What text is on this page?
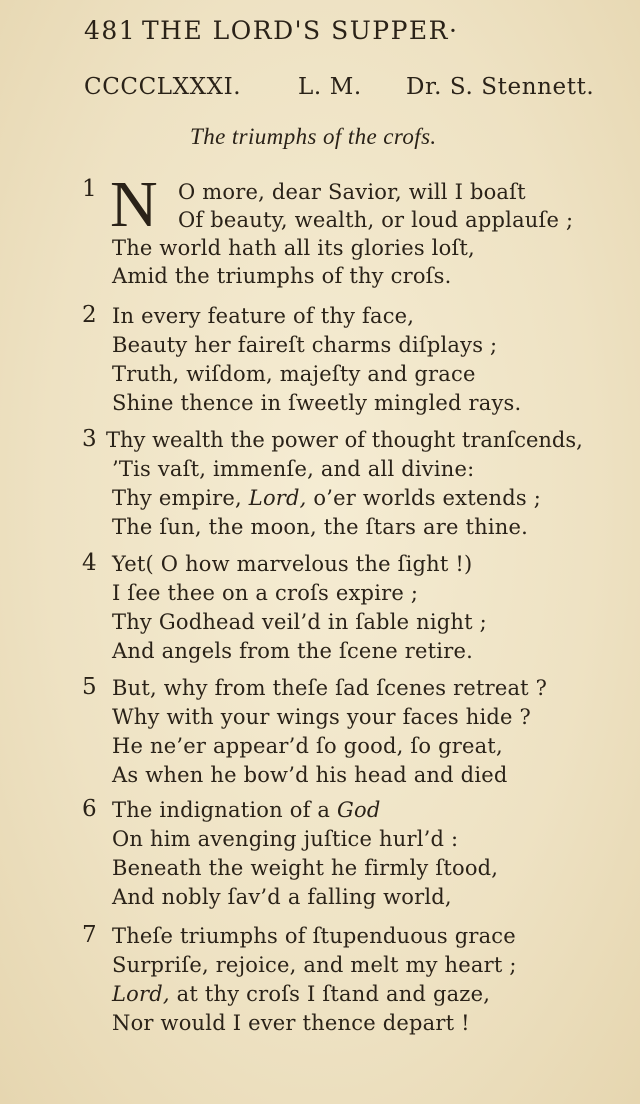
481 THE LORD'S SUPPER·
CCCCLXXXI. L. M. Dr. S. Stennett.
The triumphs of the crofs.
1 N O more, dear Savior, will I boaſt
Of beauty, wealth, or loud applauſe ;
The world hath all its glories loſt,
Amid the triumphs of thy croſs.
2 In every feature of thy face,
Beauty her faireſt charms diſplays ;
Truth, wiſdom, majeſty and grace
Shine thence in ſweetly mingled rays.
3 Thy wealth the power of thought tranſcends,
’Tis vaſt, immenſe, and all divine:
Thy empire, Lord, o’er worlds extends ;
The ſun, the moon, the ſtars are thine.
4 Yet( O how marvelous the ſight !)
I ſee thee on a croſs expire ;
Thy Godhead veil’d in ſable night ;
And angels from the ſcene retire.
5 But, why from theſe ſad ſcenes retreat ?
Why with your wings your faces hide ?
He ne’er appear’d ſo good, ſo great,
As when he bow’d his head and died
6 The indignation of a God
On him avenging juſtice hurl’d :
Beneath the weight he firmly ſtood,
And nobly ſav’d a falling world,
7 Theſe triumphs of ſtupenduous grace
Surpriſe, rejoice, and melt my heart ;
Lord, at thy croſs I ſtand and gaze,
Nor would I ever thence depart !
